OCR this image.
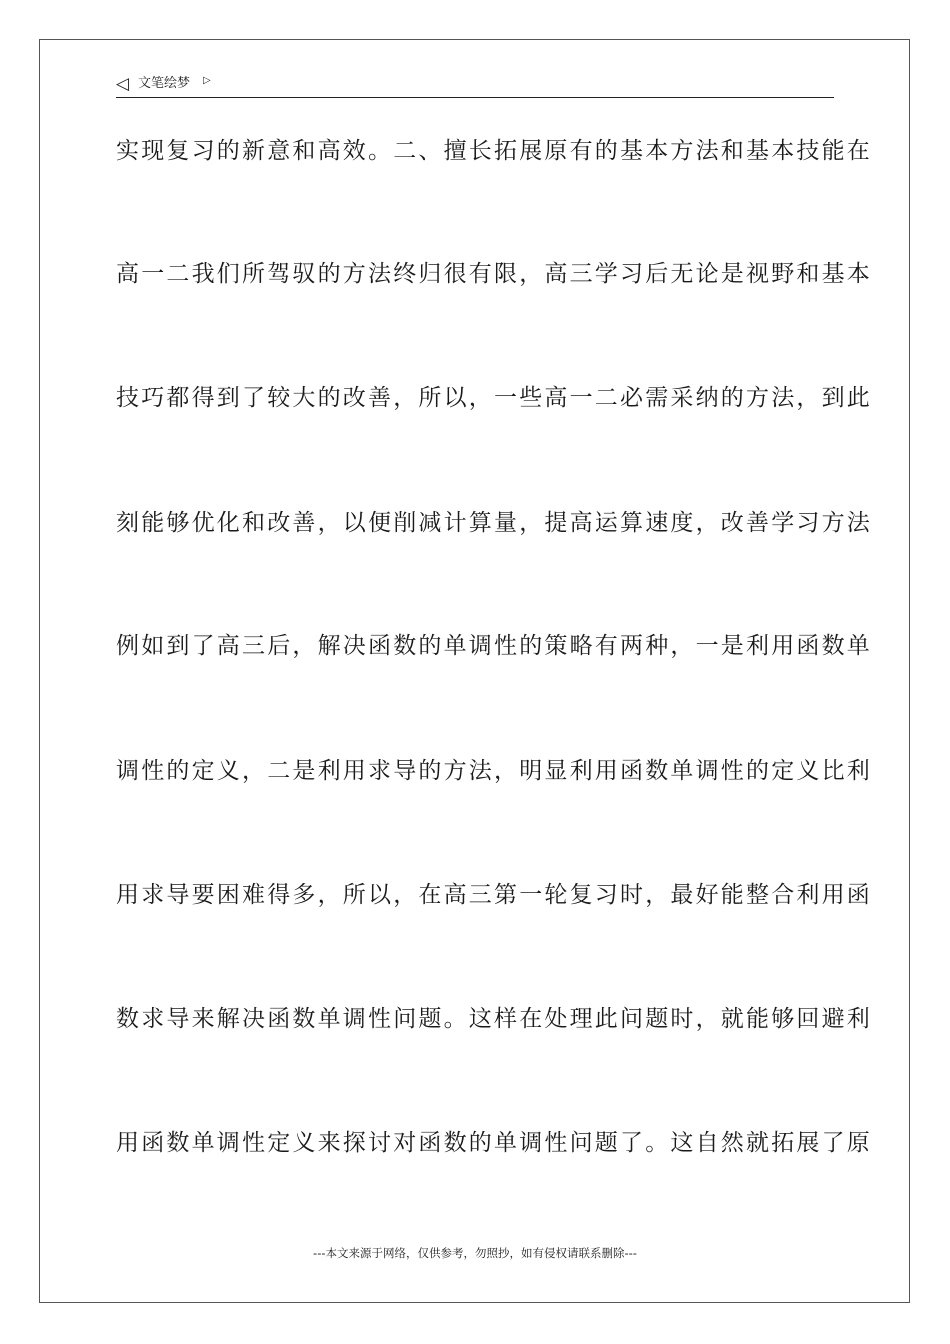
◁ 文笔绘梦 ▷
实现复习的新意和高效。二、擅长拓展原有的基本方法和基本技能在
高一二我们所驾驭的方法终归很有限，高三学习后无论是视野和基本
技巧都得到了较大的改善，所以，一些高一二必需采纳的方法，到此
刻能够优化和改善，以便削减计算量，提高运算速度，改善学习方法
例如到了高三后，解决函数的单调性的策略有两种，一是利用函数单
调性的定义，二是利用求导的方法，明显利用函数单调性的定义比利
用求导要困难得多，所以，在高三第一轮复习时，最好能整合利用函
数求导来解决函数单调性问题。这样在处理此问题时，就能够回避利
用函数单调性定义来探讨对函数的单调性问题了。这自然就拓展了原
---本文来源于网络，仅供参考，勿照抄，如有侵权请联系删除---
